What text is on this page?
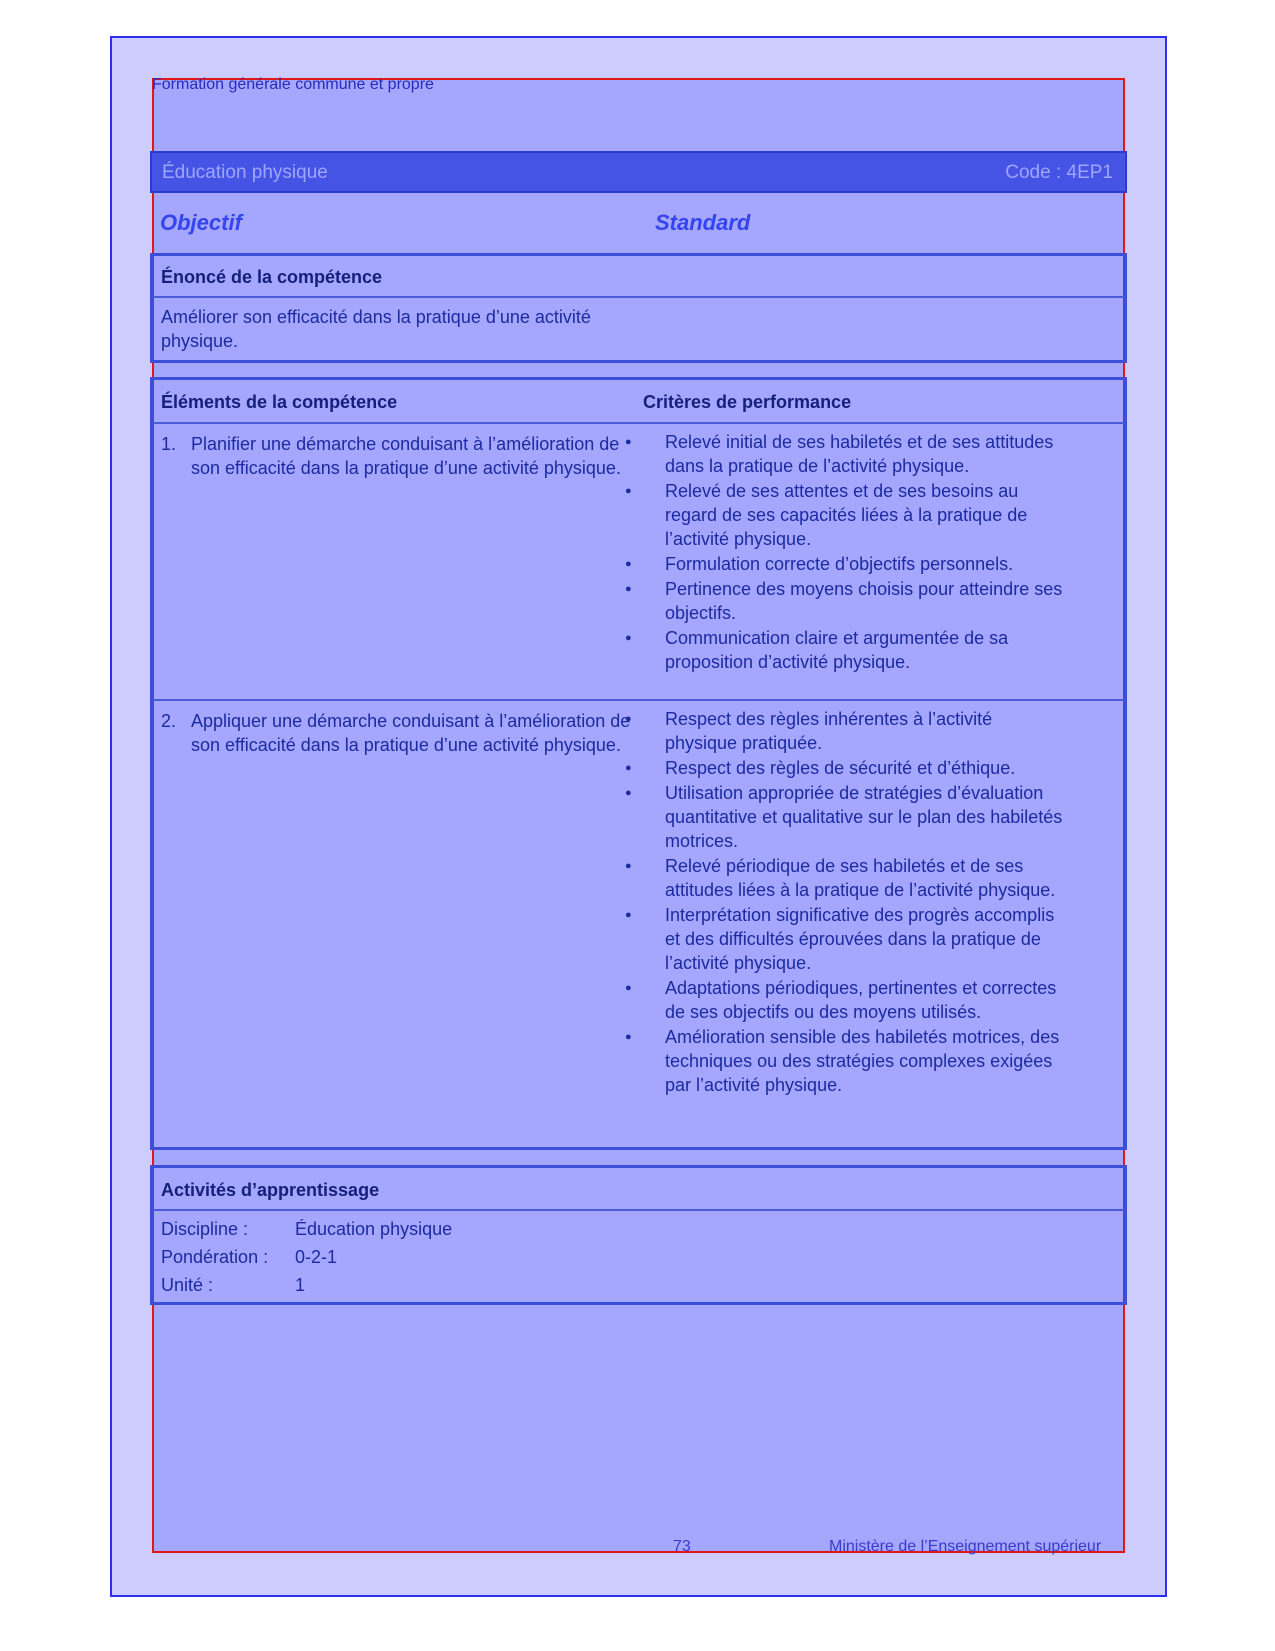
Formation générale commune et propre
Éducation physique	Code : 4EP1
Objectif	Standard
Énoncé de la compétence
Améliorer son efficacité dans la pratique d’une activité physique.
Éléments de la compétence	Critères de performance
1. Planifier une démarche conduisant à l’amélioration de son efficacité dans la pratique d’une activité physique.
● Relevé initial de ses habiletés et de ses attitudes dans la pratique de l’activité physique.
● Relevé de ses attentes et de ses besoins au regard de ses capacités liées à la pratique de l’activité physique.
● Formulation correcte d’objectifs personnels.
● Pertinence des moyens choisis pour atteindre ses objectifs.
● Communication claire et argumentée de sa proposition d’activité physique.
2. Appliquer une démarche conduisant à l’amélioration de son efficacité dans la pratique d’une activité physique.
● Respect des règles inhérentes à l’activité physique pratiquée.
● Respect des règles de sécurité et d’éthique.
● Utilisation appropriée de stratégies d’évaluation quantitative et qualitative sur le plan des habiletés motrices.
● Relevé périodique de ses habiletés et de ses attitudes liées à la pratique de l’activité physique.
● Interprétation significative des progrès accomplis et des difficultés éprouvées dans la pratique de l’activité physique.
● Adaptations périodiques, pertinentes et correctes de ses objectifs ou des moyens utilisés.
● Amélioration sensible des habiletés motrices, des techniques ou des stratégies complexes exigées par l’activité physique.
Activités d’apprentissage
Discipline :	Éducation physique
Pondération : 0-2-1
Unité :	1
73	Ministère de l’Enseignement supérieur
